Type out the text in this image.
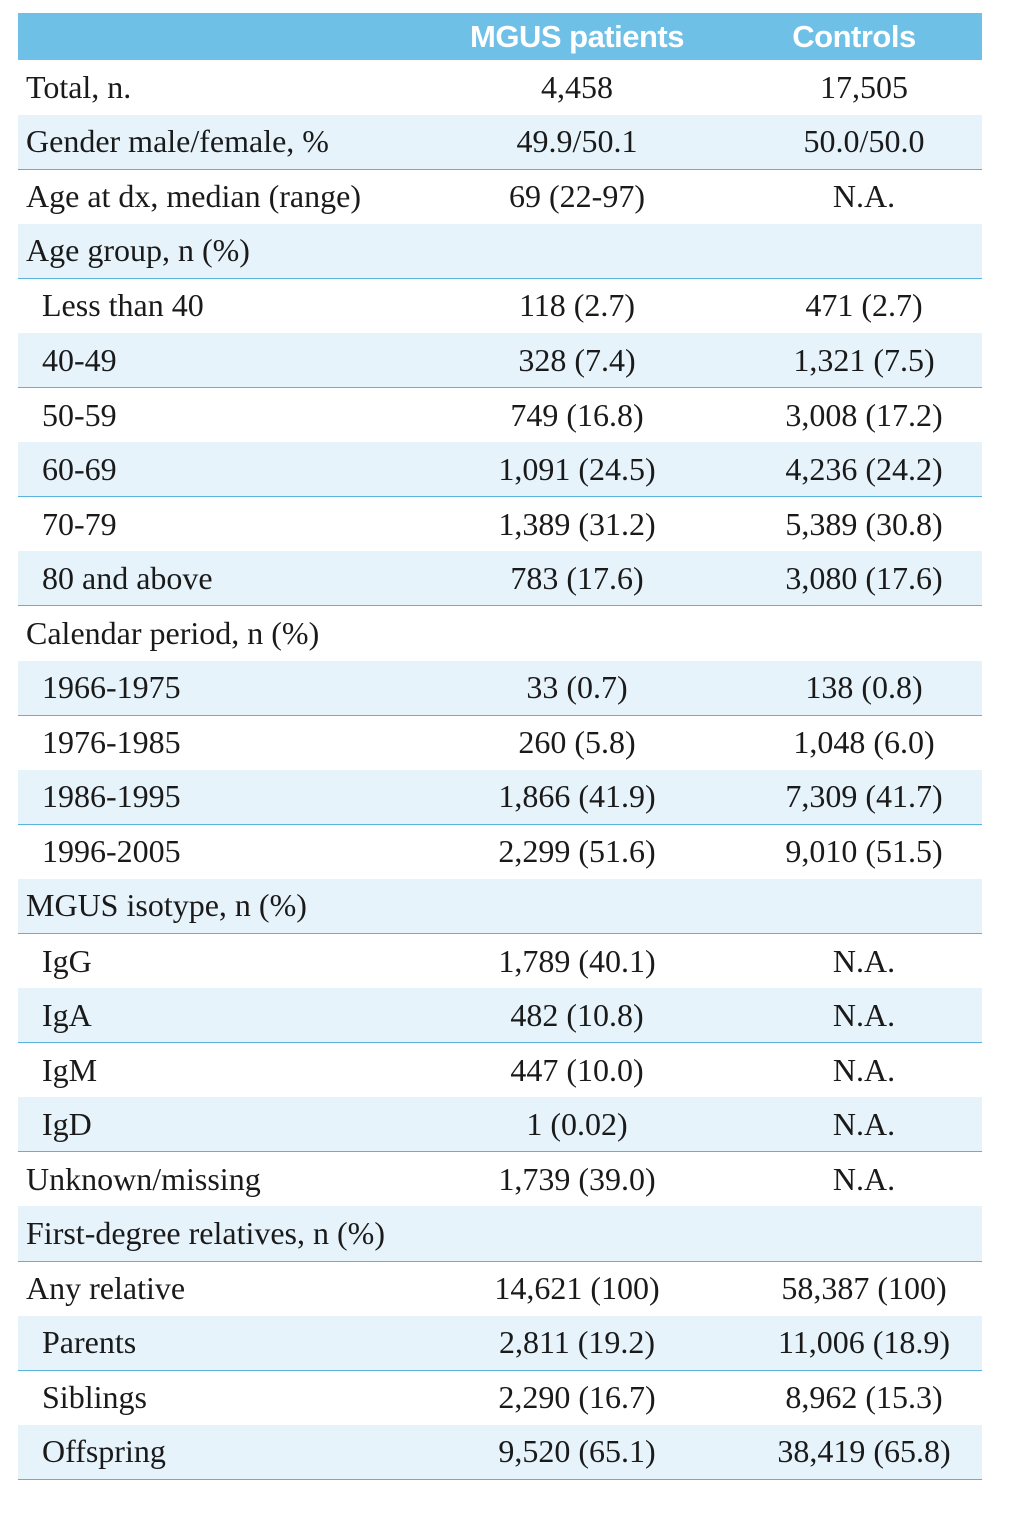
	MGUS patients	Controls
Total, n.	4,458	17,505
Gender male/female, %	49.9/50.1	50.0/50.0
Age at dx, median (range)	69 (22-97)	N.A.
Age group, n (%)		
Less than 40	118 (2.7)	471 (2.7)
40-49	328 (7.4)	1,321 (7.5)
50-59	749 (16.8)	3,008 (17.2)
60-69	1,091 (24.5)	4,236 (24.2)
70-79	1,389 (31.2)	5,389 (30.8)
80 and above	783 (17.6)	3,080 (17.6)
Calendar period, n (%)		
1966-1975	33 (0.7)	138 (0.8)
1976-1985	260 (5.8)	1,048 (6.0)
1986-1995	1,866 (41.9)	7,309 (41.7)
1996-2005	2,299 (51.6)	9,010 (51.5)
MGUS isotype, n (%)		
IgG	1,789 (40.1)	N.A.
IgA	482 (10.8)	N.A.
IgM	447 (10.0)	N.A.
IgD	1 (0.02)	N.A.
Unknown/missing	1,739 (39.0)	N.A.
First-degree relatives, n (%)		
Any relative	14,621 (100)	58,387 (100)
Parents	2,811 (19.2)	11,006 (18.9)
Siblings	2,290 (16.7)	8,962 (15.3)
Offspring	9,520 (65.1)	38,419 (65.8)
